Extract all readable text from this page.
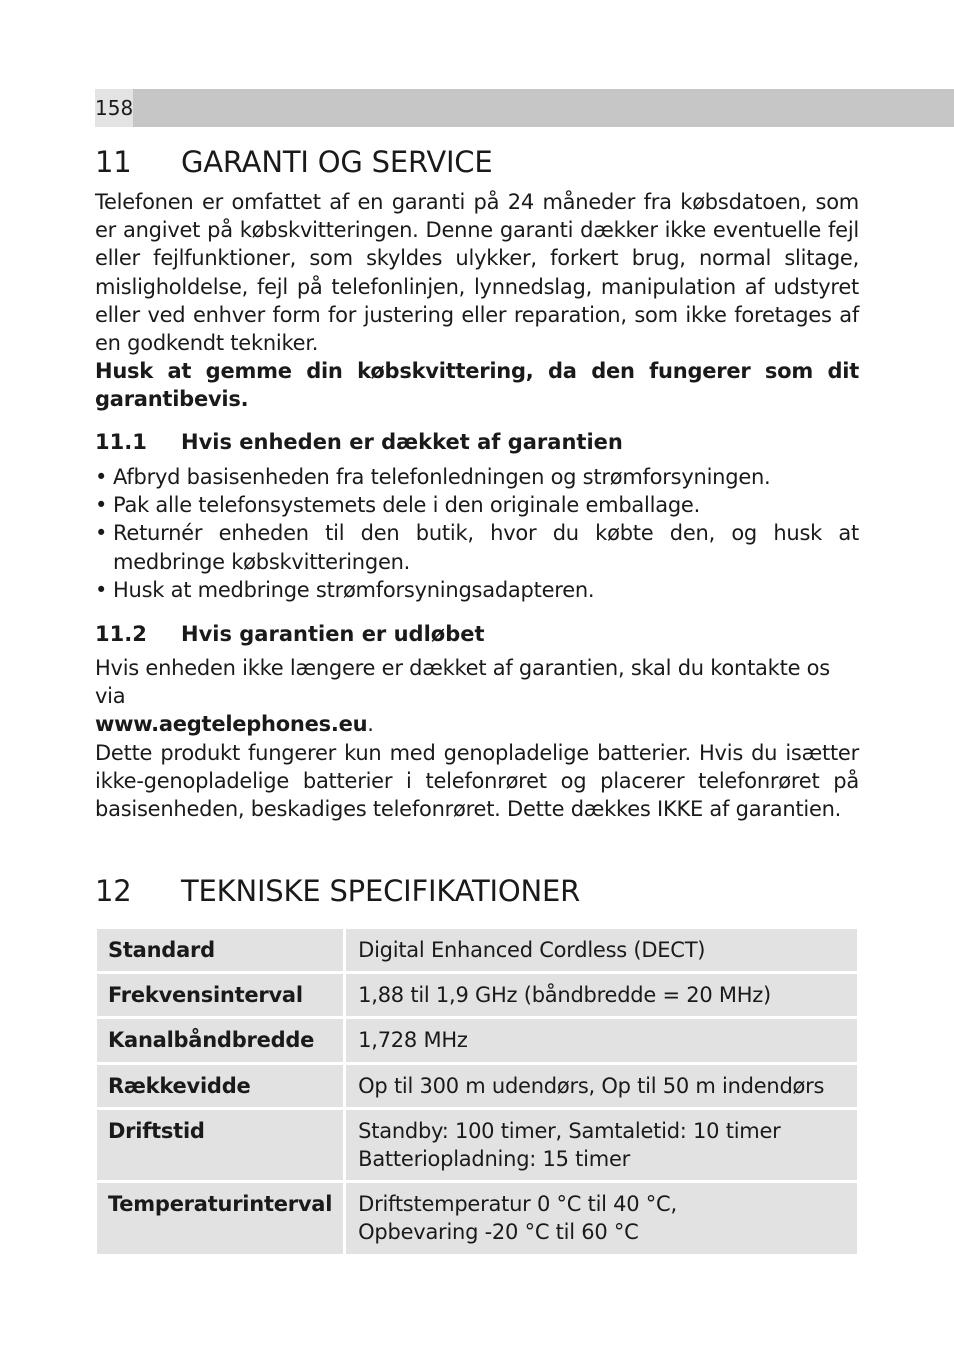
158
11 GARANTI OG SERVICE

Telefonen er omfattet af en garanti på 24 måneder fra købsdatoen, som er angivet på købskvitteringen. Denne garanti dækker ikke eventuelle fejl eller fejlfunktioner, som skyldes ulykker, forkert brug, normal slitage, misligholdelse, fejl på telefonlinjen, lynnedslag, manipulation af udstyret eller ved enhver form for justering eller reparation, som ikke foretages af en godkendt tekniker.

Husk at gemme din købskvittering, da den fungerer som dit garantibevis.

11.1 Hvis enheden er dækket af garantien
• Afbryd basisenheden fra telefonledningen og strømforsyningen.
• Pak alle telefonsystemets dele i den originale emballage.
• Returnér enheden til den butik, hvor du købte den, og husk at medbringe købskvitteringen.
• Husk at medbringe strømforsyningsadapteren.
11.2 Hvis garantien er udløbet

Hvis enheden ikke længere er dækket af garantien, skal du kontakte os via
www.aegtelephones.eu.

Dette produkt fungerer kun med genopladelige batterier. Hvis du isætter ikke-genopladelige batterier i telefonrøret og placerer telefonrøret på basisenheden, beskadiges telefonrøret. Dette dækkes IKKE af garantien.

12 TEKNISKE SPECIFIKATIONER
Standard	Digital Enhanced Cordless (DECT)
Frekvensinterval	1,88 til 1,9 GHz (båndbredde = 20 MHz)
Kanalbåndbredde	1,728 MHz
Rækkevidde	Op til 300 m udendørs, Op til 50 m indendørs
Driftstid	Standby: 100 timer, Samtaletid: 10 timer
Batteriopladning: 15 timer

Temperaturinterval	Driftstemperatur 0 °C til 40 °C,
Opbevaring -20 °C til 60 °C
